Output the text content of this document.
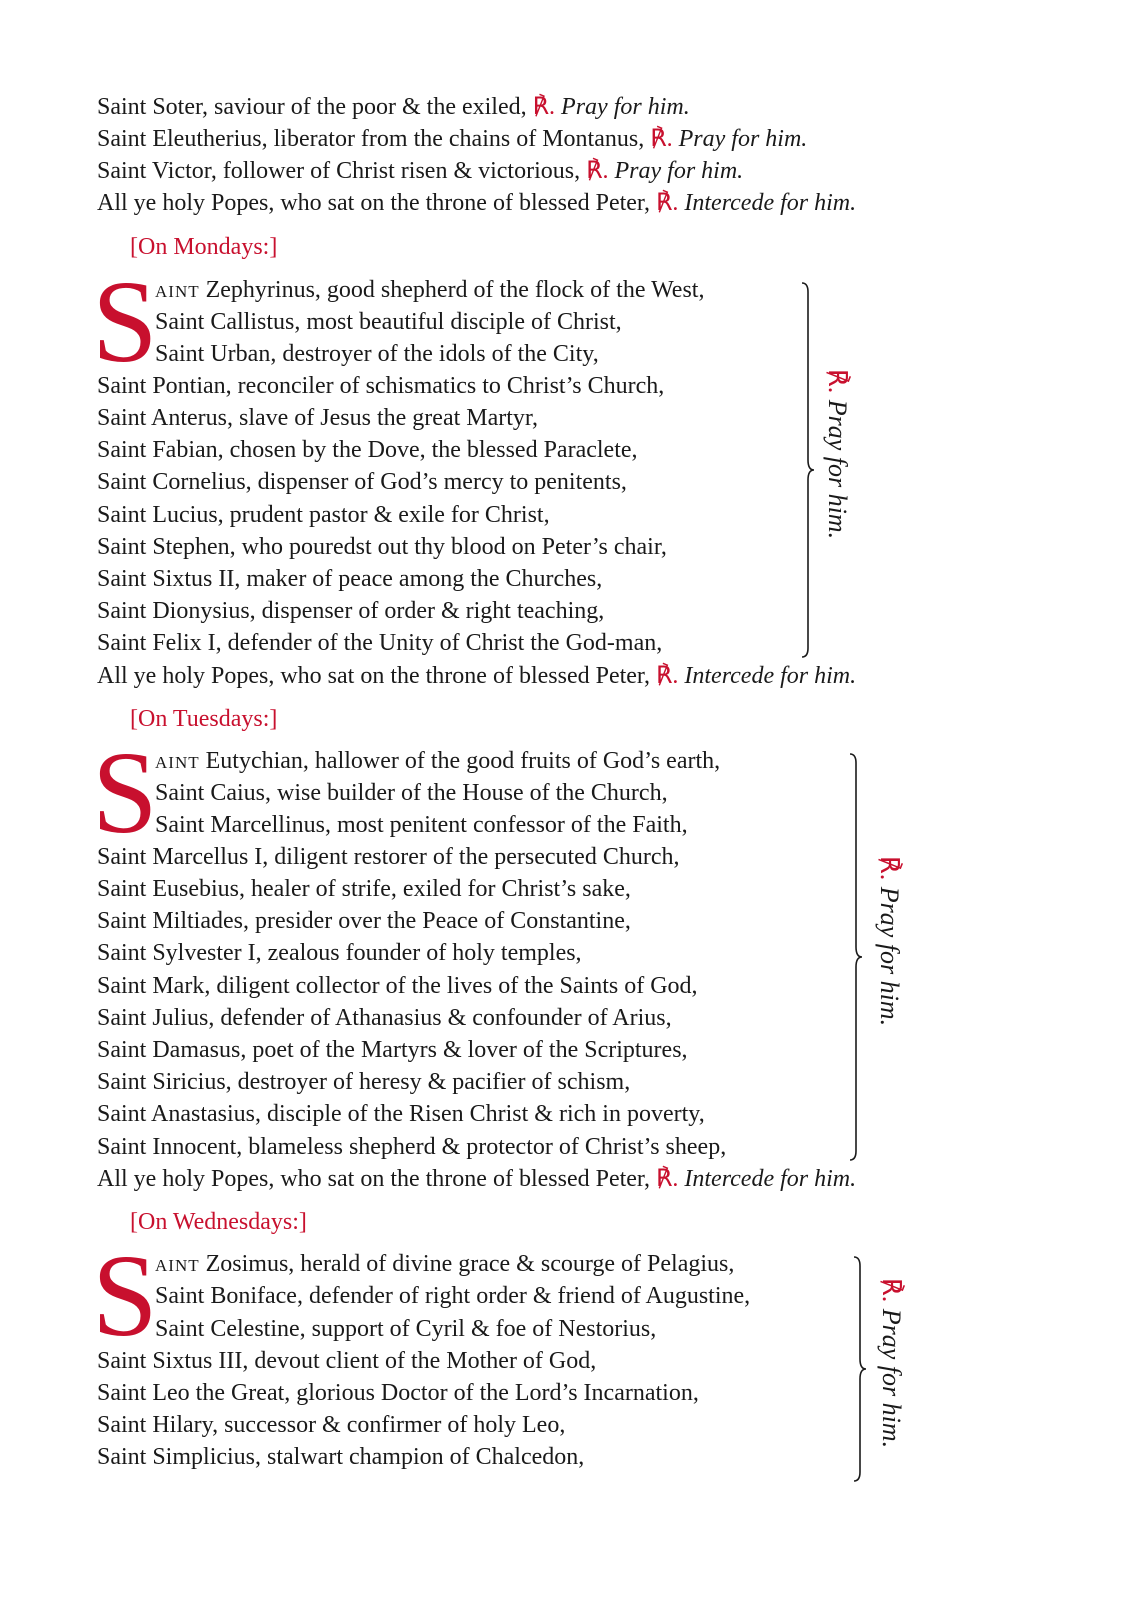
Saint Soter, saviour of the poor & the exiled, ℟. Pray for him.
Saint Eleutherius, liberator from the chains of Montanus, ℟. Pray for him.
Saint Victor, follower of Christ risen & victorious, ℟. Pray for him.
All ye holy Popes, who sat on the throne of blessed Peter, ℟. Intercede for him.
[On Mondays:]
S
aint Zephyrinus, good shepherd of the flock of the West,
Saint Callistus, most beautiful disciple of Christ,
Saint Urban, destroyer of the idols of the City,
Saint Pontian, reconciler of schismatics to Christ’s Church,
Saint Anterus, slave of Jesus the great Martyr,
Saint Fabian, chosen by the Dove, the blessed Paraclete,
Saint Cornelius, dispenser of God’s mercy to penitents,
Saint Lucius, prudent pastor & exile for Christ,
Saint Stephen, who pouredst out thy blood on Peter’s chair,
Saint Sixtus II, maker of peace among the Churches,
Saint Dionysius, dispenser of order & right teaching,
Saint Felix I, defender of the Unity of Christ the God-man,
All ye holy Popes, who sat on the throne of blessed Peter, ℟. Intercede for him.
℟. Pray for him.
[On Tuesdays:]
S
aint Eutychian, hallower of the good fruits of God’s earth,
Saint Caius, wise builder of the House of the Church,
Saint Marcellinus, most penitent confessor of the Faith,
Saint Marcellus I, diligent restorer of the persecuted Church,
Saint Eusebius, healer of strife, exiled for Christ’s sake,
Saint Miltiades, presider over the Peace of Constantine,
Saint Sylvester I, zealous founder of holy temples,
Saint Mark, diligent collector of the lives of the Saints of God,
Saint Julius, defender of Athanasius & confounder of Arius,
Saint Damasus, poet of the Martyrs & lover of the Scriptures,
Saint Siricius, destroyer of heresy & pacifier of schism,
Saint Anastasius, disciple of the Risen Christ & rich in poverty,
Saint Innocent, blameless shepherd & protector of Christ’s sheep,
All ye holy Popes, who sat on the throne of blessed Peter, ℟. Intercede for him.
℟. Pray for him.
[On Wednesdays:]
S
aint Zosimus, herald of divine grace & scourge of Pelagius,
Saint Boniface, defender of right order & friend of Augustine,
Saint Celestine, support of Cyril & foe of Nestorius,
Saint Sixtus III, devout client of the Mother of God,
Saint Leo the Great, glorious Doctor of the Lord’s Incarnation,
Saint Hilary, successor & confirmer of holy Leo,
Saint Simplicius, stalwart champion of Chalcedon,
℟. Pray for him.
